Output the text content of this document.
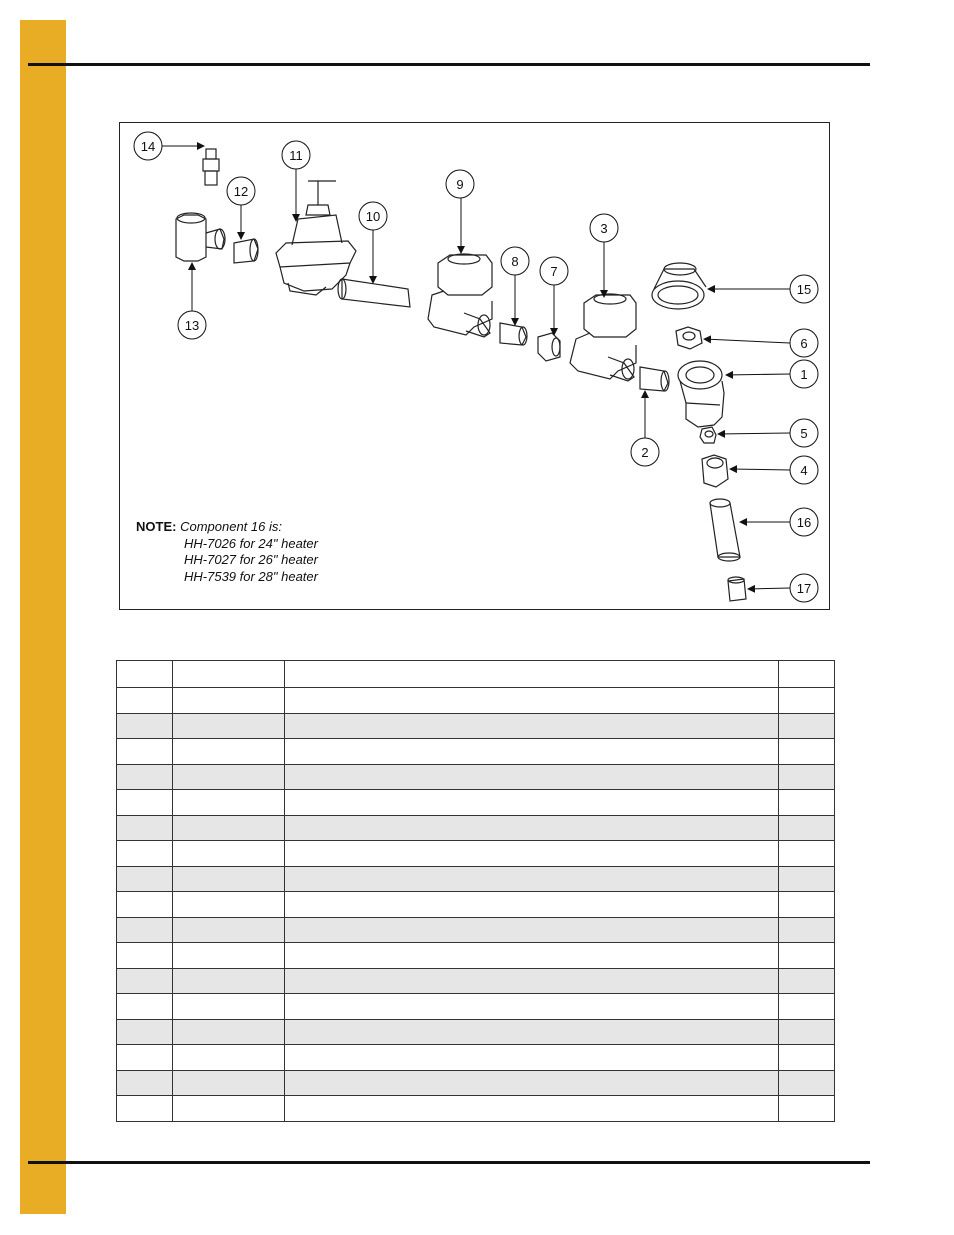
14
11
12	9
10
3
8
7
13
15
6
1
5
4
16
2
17
NOTE: Component 16 is:
HH-7026 for 24" heater
HH-7027 for 26" heater
HH-7539 for 28" heater
